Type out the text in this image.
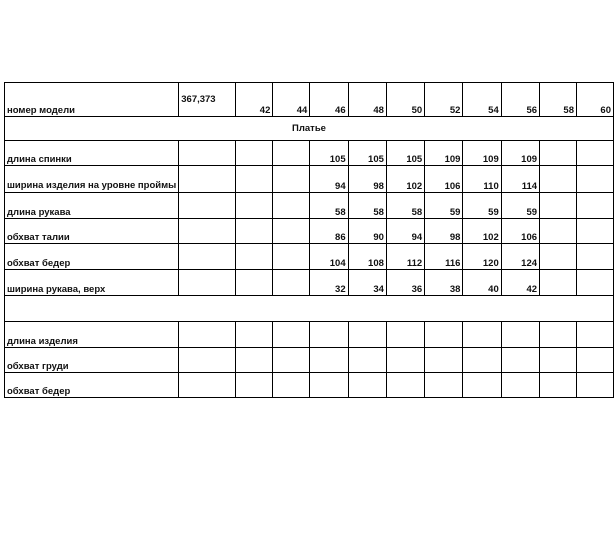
номер модели	367,373	42	44	46	48	50	52	54	56	58	60
Платье											
длина спинки				105	105	105	109	109	109		
ширина изделия на уровне проймы				94	98	102	106	110	114		
длина рукава				58	58	58	59	59	59		
обхват талии				86	90	94	98	102	106		
обхват бедер				104	108	112	116	120	124		
ширина рукава, верх				32	34	36	38	40	42		

длина изделия											
обхват груди											
обхват бедер											
